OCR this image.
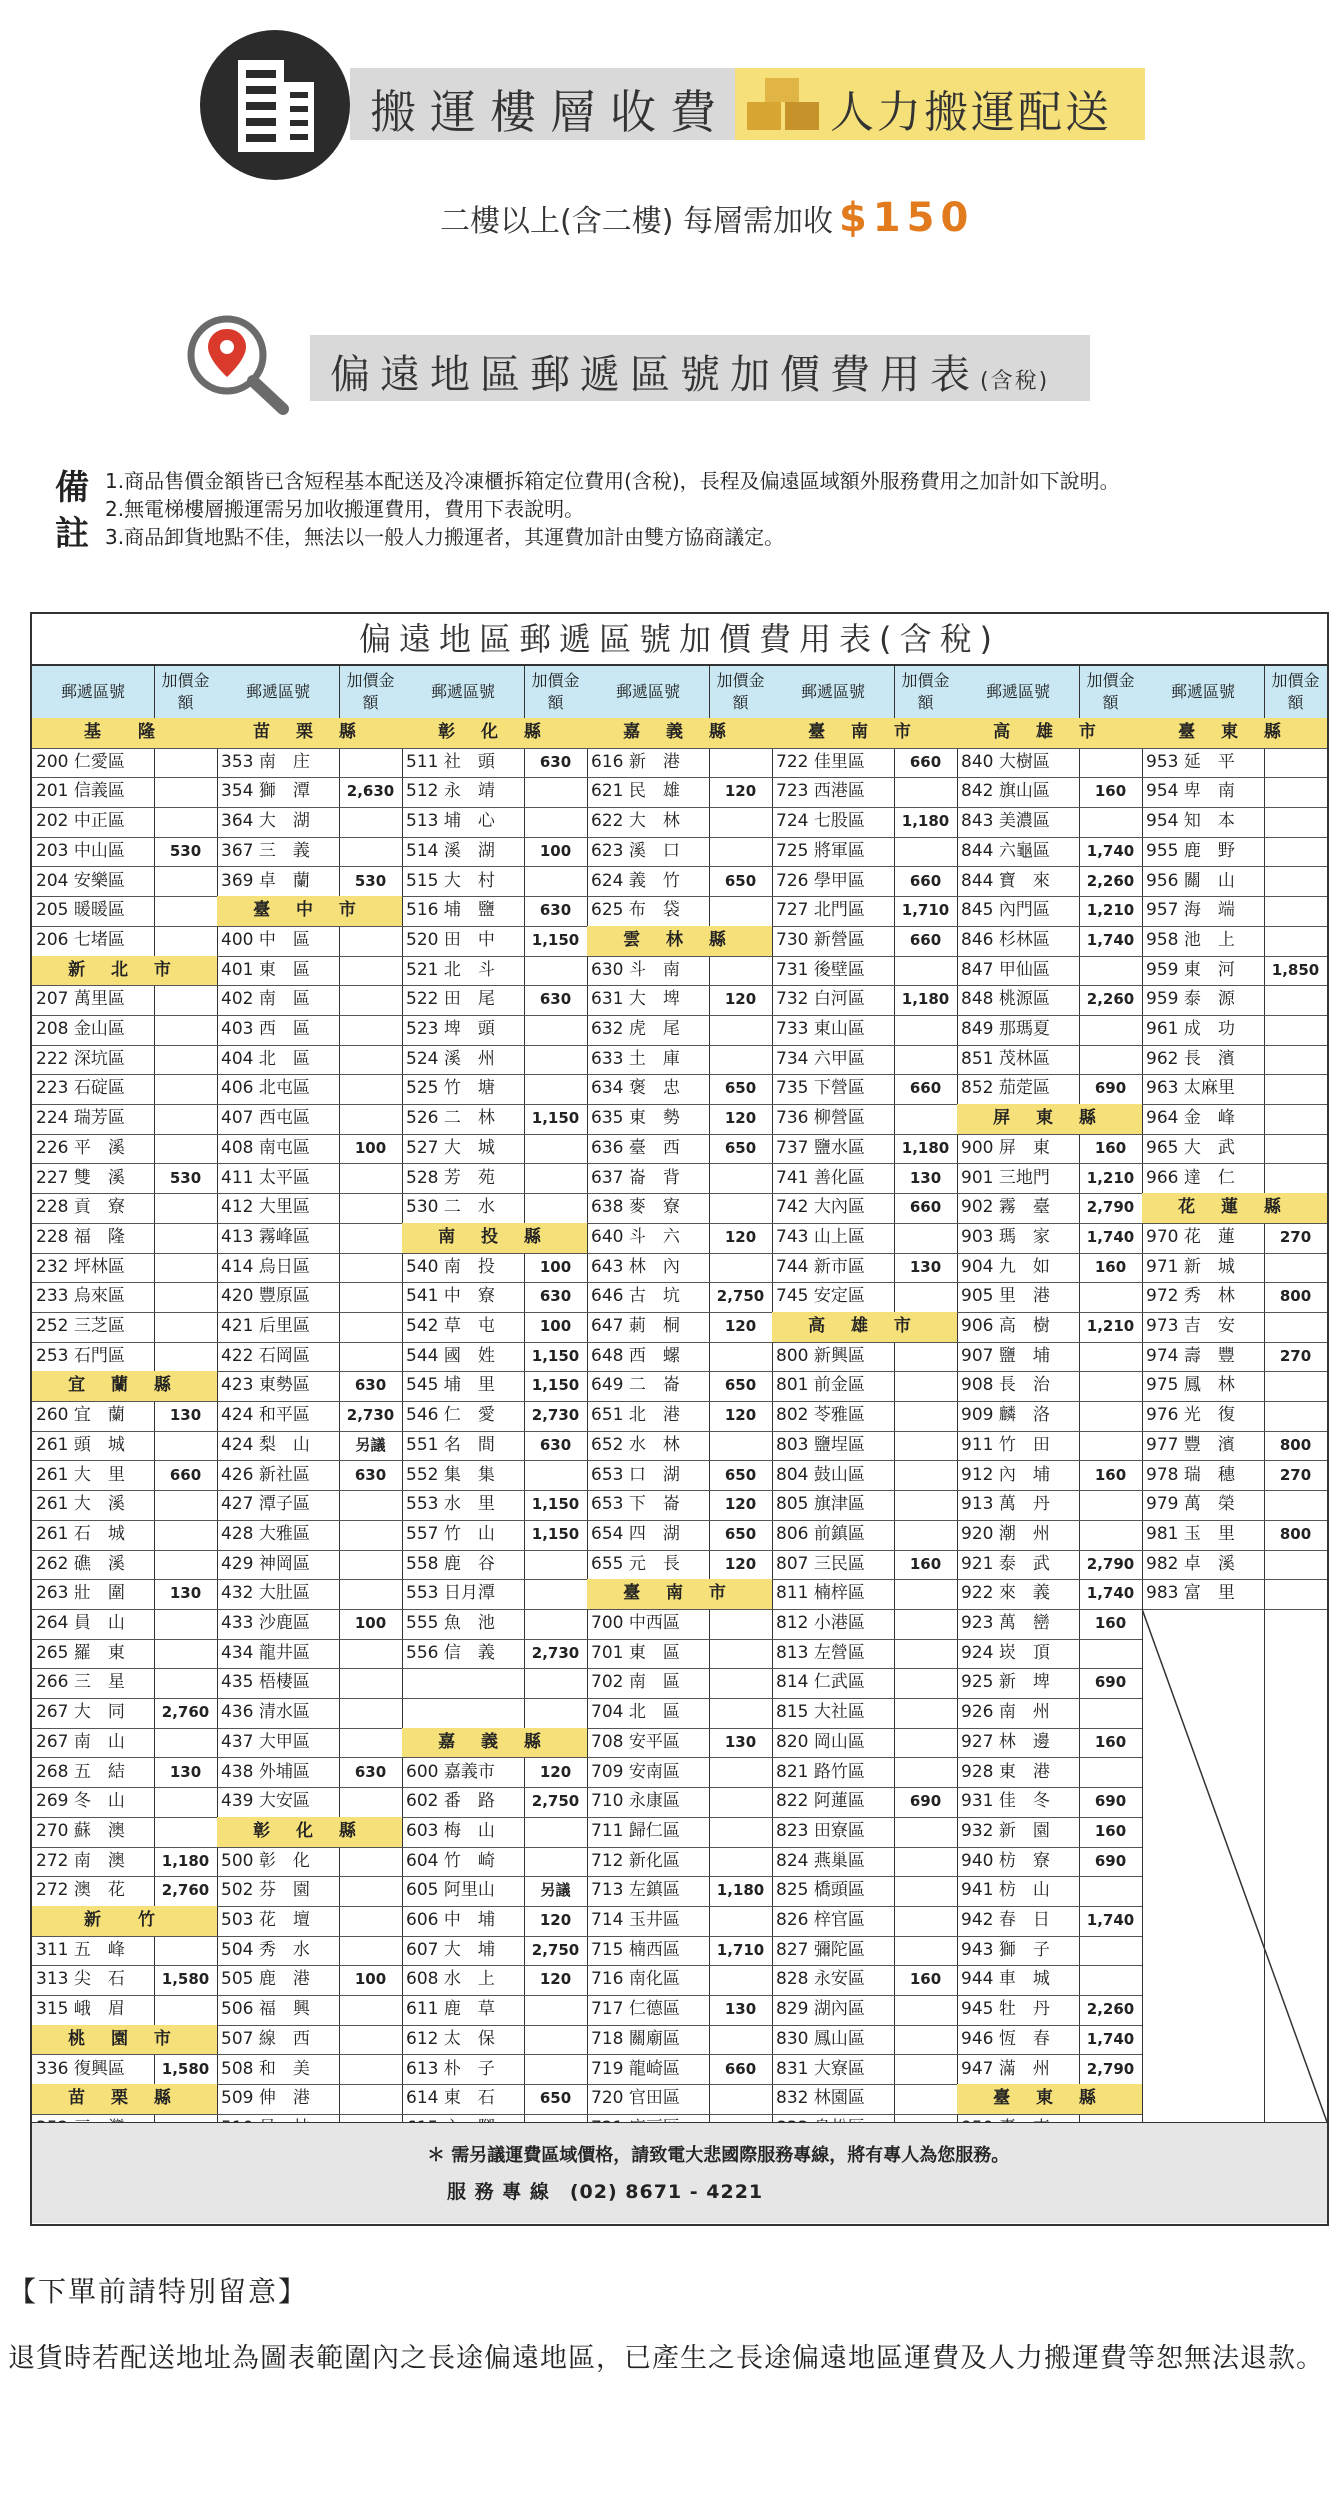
搬運樓層收費 人力搬運配送
二樓以上(含二樓) 每層需加收 $150
偏遠地區郵遞區號加價費用表(含稅)
備註
1.商品售價金額皆已含短程基本配送及冷凍櫃拆箱定位費用(含稅)，長程及偏遠區域額外服務費用之加計如下說明。
2.無電梯樓層搬運需另加收搬運費用，費用下表說明。
3.商品卸貨地點不佳，無法以一般人力搬運者，其運費加計由雙方協商議定。
偏遠地區郵遞區號加價費用表(含稅)
郵遞區號
加價金額
基　隆
200 仁愛區
201 信義區
202 中正區
203 中山區	530
204 安樂區
205 暖暖區
206 七堵區
新 北 市
207 萬里區
208 金山區
222 深坑區
223 石碇區
224 瑞芳區
226 平　溪
227 雙　溪	530
228 貢　寮
228 福　隆
232 坪林區
233 烏來區
252 三芝區
253 石門區
宜 蘭 縣
260 宜　蘭	130
261 頭　城
261 大　里	660
261 大　溪
261 石　城
262 礁　溪
263 壯　圍	130
264 員　山
265 羅　東
266 三　星
267 大　同	2,760
267 南　山
268 五　結	130
269 冬　山
270 蘇　澳
272 南　澳	1,180
272 澳　花	2,760
新　竹
311 五　峰
313 尖　石	1,580
315 峨　眉
桃 園 市
336 復興區	1,580
苗 栗 縣
郵遞區號
加價金額
苗 栗 縣
353 南　庄
354 獅　潭	2,630
364 大　湖
367 三　義
369 卓　蘭	530
臺 中 市
400 中　區
401 東　區
402 南　區
403 西　區
404 北　區
406 北屯區
407 西屯區
408 南屯區	100
411 太平區
412 大里區
413 霧峰區
414 烏日區
420 豐原區
421 后里區
422 石岡區
423 東勢區	630
424 和平區	2,730
424 梨　山	另議
426 新社區	630
427 潭子區
428 大雅區
429 神岡區
432 大肚區
433 沙鹿區	100
434 龍井區
435 梧棲區
436 清水區
437 大甲區
438 外埔區	630
439 大安區
彰 化 縣
500 彰　化
502 芬　園
503 花　壇
504 秀　水
505 鹿　港	100
506 福　興
507 線　西
508 和　美
509 伸　港
郵遞區號
加價金額
彰 化 縣
511 社　頭	630
512 永　靖
513 埔　心
514 溪　湖	100
515 大　村
516 埔　鹽	630
520 田　中	1,150
521 北　斗
522 田　尾	630
523 埤　頭
524 溪　州
525 竹　塘
526 二　林	1,150
527 大　城
528 芳　苑
530 二　水
南 投 縣
540 南　投	100
541 中　寮	630
542 草　屯	100
544 國　姓	1,150
545 埔　里	1,150
546 仁　愛	2,730
551 名　間	630
552 集　集
553 水　里	1,150
557 竹　山	1,150
558 鹿　谷
553 日月潭
555 魚　池
556 信　義	2,730
嘉 義 縣
600 嘉義市	120
602 番　路	2,750
603 梅　山
604 竹　崎
605 阿里山	另議
606 中　埔	120
607 大　埔	2,750
608 水　上	120
611 鹿　草
612 太　保
613 朴　子
614 東　石	650
郵遞區號
加價金額
嘉 義 縣
616 新　港
621 民　雄	120
622 大　林
623 溪　口
624 義　竹	650
625 布　袋
雲 林 縣
630 斗　南
631 大　埤	120
632 虎　尾
633 土　庫
634 褒　忠	650
635 東　勢	120
636 臺　西	650
637 崙　背
638 麥　寮
640 斗　六	120
643 林　內
646 古　坑	2,750
647 莿　桐	120
648 西　螺
649 二　崙	650
651 北　港	120
652 水　林
653 口　湖	650
653 下　崙	120
654 四　湖	650
655 元　長	120
臺 南 市
700 中西區
701 東　區
702 南　區
704 北　區
708 安平區	130
709 安南區
710 永康區
711 歸仁區
712 新化區
713 左鎮區	1,180
714 玉井區
715 楠西區	1,710
716 南化區
717 仁德區	130
718 關廟區
719 龍崎區	660
720 官田區
郵遞區號
加價金額
臺 南 市
722 佳里區	660
723 西港區
724 七股區	1,180
725 將軍區
726 學甲區	660
727 北門區	1,710
730 新營區	660
731 後壁區
732 白河區	1,180
733 東山區
734 六甲區
735 下營區	660
736 柳營區
737 鹽水區	1,180
741 善化區	130
742 大內區	660
743 山上區
744 新市區	130
745 安定區
高 雄 市
800 新興區
801 前金區
802 苓雅區
803 鹽埕區
804 鼓山區
805 旗津區
806 前鎮區
807 三民區	160
811 楠梓區
812 小港區
813 左營區
814 仁武區
815 大社區
820 岡山區
821 路竹區
822 阿蓮區	690
823 田寮區
824 燕巢區
825 橋頭區
826 梓官區
827 彌陀區
828 永安區	160
829 湖內區
830 鳳山區
831 大寮區
832 林園區
郵遞區號
加價金額
高 雄 市
840 大樹區
842 旗山區	160
843 美濃區
844 六龜區	1,740
844 寶　來	2,260
845 內門區	1,210
846 杉林區	1,740
847 甲仙區
848 桃源區	2,260
849 那瑪夏
851 茂林區
852 茄萣區	690
屏 東 縣
900 屏　東	160
901 三地門	1,210
902 霧　臺	2,790
903 瑪　家	1,740
904 九　如	160
905 里　港
906 高　樹	1,210
907 鹽　埔
908 長　治
909 麟　洛
911 竹　田
912 內　埔	160
913 萬　丹
920 潮　州
921 泰　武	2,790
922 來　義	1,740
923 萬　巒	160
924 崁　頂
925 新　埤	690
926 南　州
927 林　邊	160
928 東　港
931 佳　冬	690
932 新　園	160
940 枋　寮	690
941 枋　山
942 春　日	1,740
943 獅　子
944 車　城
945 牡　丹	2,260
946 恆　春	1,740
947 滿　州	2,790
臺 東 縣
郵遞區號
加價金額
臺 東 縣
953 延　平
954 卑　南
954 知　本
955 鹿　野
956 關　山
957 海　端
958 池　上
959 東　河	1,850
959 泰　源
961 成　功
962 長　濱
963 太麻里
964 金　峰
965 大　武
966 達　仁
花 蓮 縣
970 花　蓮	270
971 新　城
972 秀　林	800
973 吉　安
974 壽　豐	270
975 鳳　林
976 光　復
977 豐　濱	800
978 瑞　穗	270
979 萬　榮
981 玉　里	800
982 卓　溪
983 富　里
＊ 需另議運費區域價格，請致電大悲國際服務專線，將有專人為您服務。
服 務 專 線　(02) 8671 - 4221
【下單前請特別留意】
退貨時若配送地址為圖表範圍內之長途偏遠地區，已產生之長途偏遠地區運費及人力搬運費等恕無法退款。
